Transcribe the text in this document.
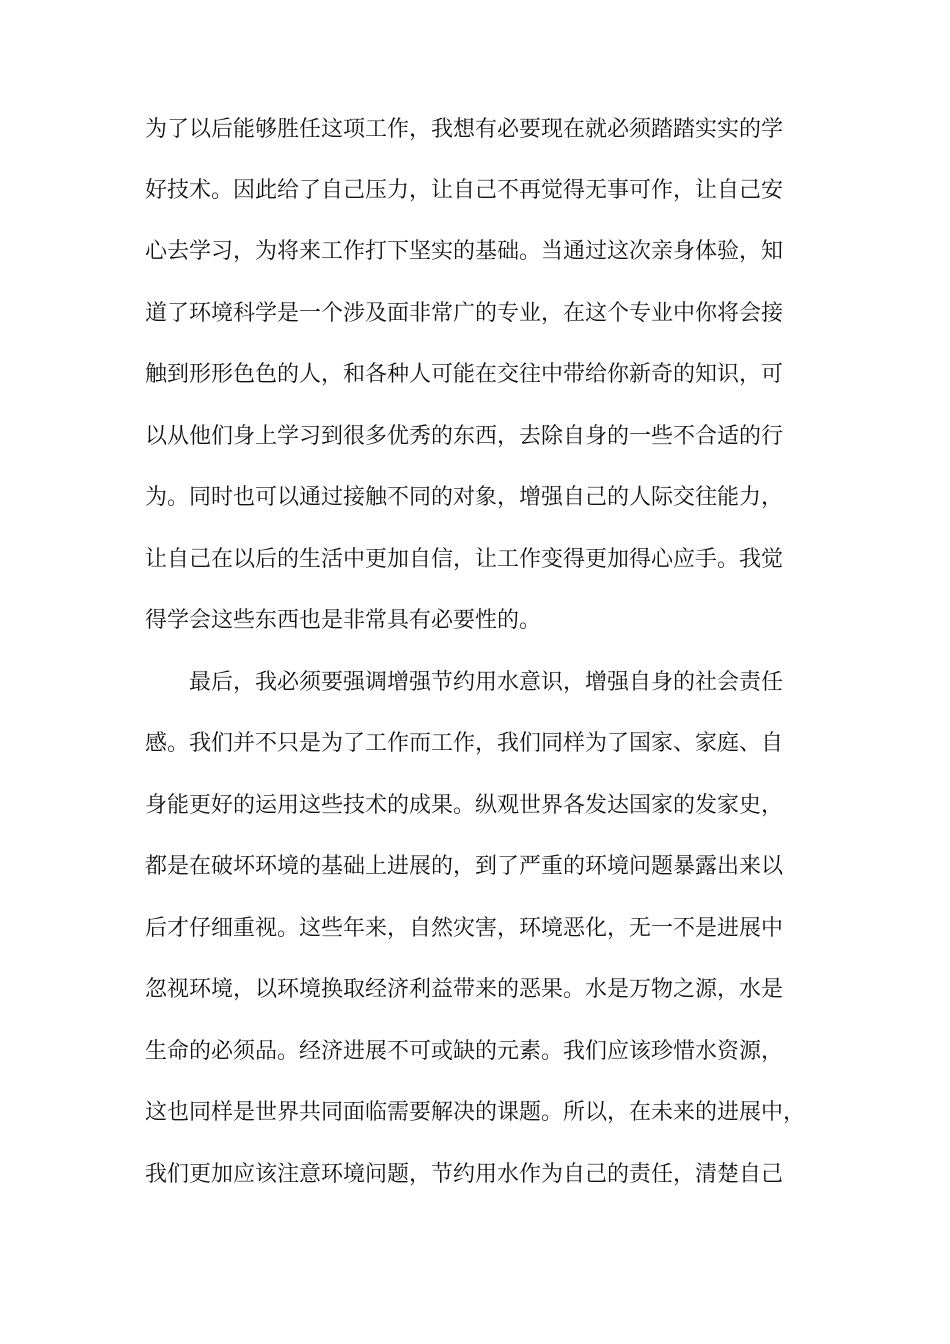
为了以后能够胜任这项工作，我想有必要现在就必须踏踏实实的学
好技术。因此给了自己压力，让自己不再觉得无事可作，让自己安
心去学习，为将来工作打下坚实的基础。当通过这次亲身体验，知
道了环境科学是一个涉及面非常广的专业，在这个专业中你将会接
触到形形色色的人，和各种人可能在交往中带给你新奇的知识，可
以从他们身上学习到很多优秀的东西，去除自身的一些不合适的行
为。同时也可以通过接触不同的对象，增强自己的人际交往能力，
让自己在以后的生活中更加自信，让工作变得更加得心应手。我觉
得学会这些东西也是非常具有必要性的。
最后，我必须要强调增强节约用水意识，增强自身的社会责任
感。我们并不只是为了工作而工作，我们同样为了国家、家庭、自
身能更好的运用这些技术的成果。纵观世界各发达国家的发家史，
都是在破坏环境的基础上进展的，到了严重的环境问题暴露出来以
后才仔细重视。这些年来，自然灾害，环境恶化，无一不是进展中
忽视环境，以环境换取经济利益带来的恶果。水是万物之源，水是
生命的必须品。经济进展不可或缺的元素。我们应该珍惜水资源，
这也同样是世界共同面临需要解决的课题。所以，在未来的进展中，
我们更加应该注意环境问题，节约用水作为自己的责任，清楚自己
